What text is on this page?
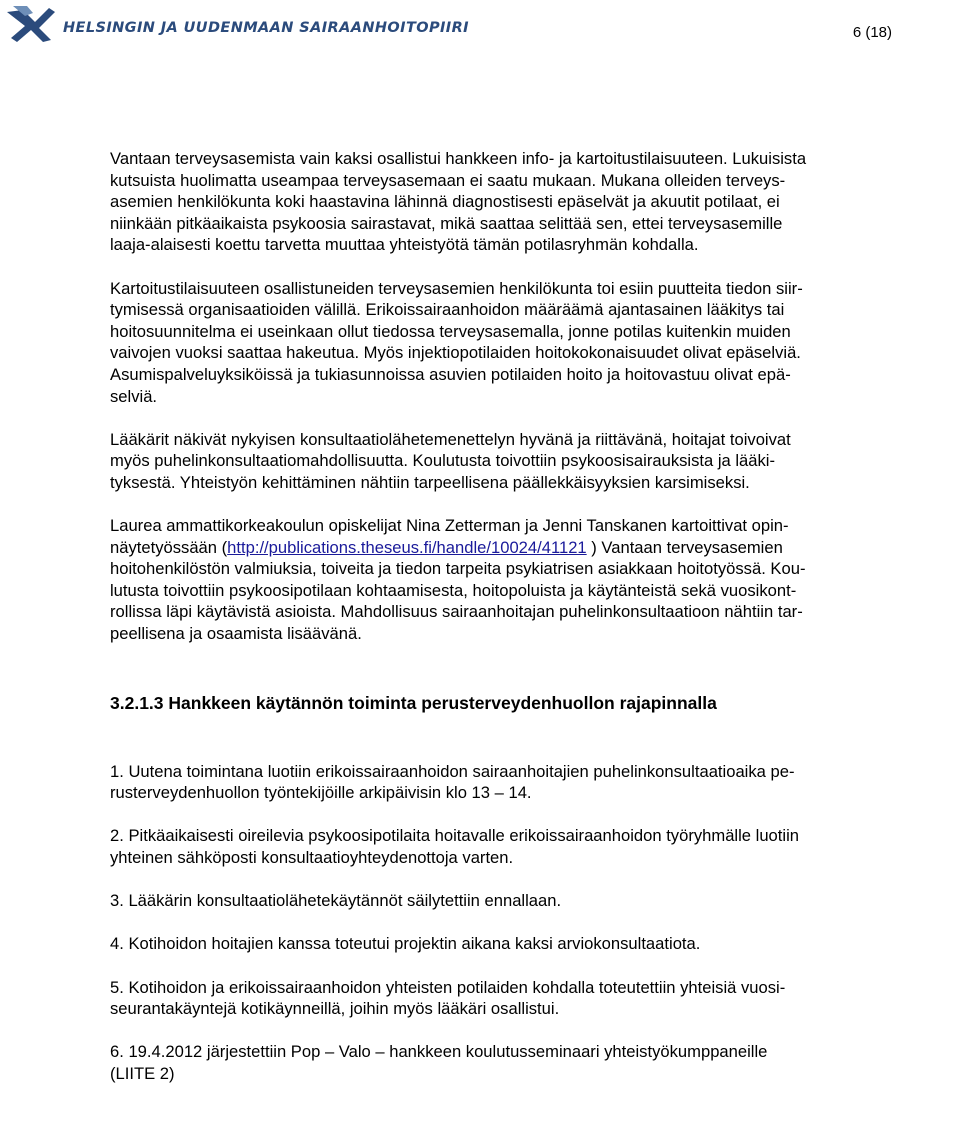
HELSINGIN JA UUDENMAAN SAIRAANHOITOPIIRI	6 (18)

Vantaan terveysasemista vain kaksi osallistui hankkeen info- ja kartoitustilaisuuteen. Lukuisista
kutsuista huolimatta useampaa terveysasemaan ei saatu mukaan. Mukana olleiden terveys-
asemien henkilökunta koki haastavina lähinnä diagnostisesti epäselvät ja akuutit potilaat, ei
niinkään pitkäaikaista psykoosia sairastavat, mikä saattaa selittää sen, ettei terveysasemille
laaja-alaisesti koettu tarvetta muuttaa yhteistyötä tämän potilasryhmän kohdalla.

Kartoitustilaisuuteen osallistuneiden terveysasemien henkilökunta toi esiin puutteita tiedon siir-
tymisessä organisaatioiden välillä. Erikoissairaanhoidon määräämä ajantasainen lääkitys tai
hoitosuunnitelma ei useinkaan ollut tiedossa terveysasemalla, jonne potilas kuitenkin muiden
vaivojen vuoksi saattaa hakeutua. Myös injektiopotilaiden hoitokokonaisuudet olivat epäselviä.
Asumispalveluyksiköissä ja tukiasunnoissa asuvien potilaiden hoito ja hoitovastuu olivat epä-
selviä.

Lääkärit näkivät nykyisen konsultaatiolähetemenettelyn hyvänä ja riittävänä, hoitajat toivoivat
myös puhelinkonsultaatiomahdollisuutta. Koulutusta toivottiin psykoosisairauksista ja lääki-
tyksestä. Yhteistyön kehittäminen nähtiin tarpeellisena päällekkäisyyksien karsimiseksi.

Laurea ammattikorkeakoulun opiskelijat Nina Zetterman ja Jenni Tanskanen kartoittivat opin-
näytetyössään (http://publications.theseus.fi/handle/10024/41121 ) Vantaan terveysasemien
hoitohenkilöstön valmiuksia, toiveita ja tiedon tarpeita psykiatrisen asiakkaan hoitotyössä. Kou-
lutusta toivottiin psykoosipotilaan kohtaamisesta, hoitopoluista ja käytänteistä sekä vuosikont-
rollissa läpi käytävistä asioista. Mahdollisuus sairaanhoitajan puhelinkonsultaatioon nähtiin tar-
peellisena ja osaamista lisäävänä.

3.2.1.3 Hankkeen käytännön toiminta perusterveydenhuollon rajapinnalla
1. Uutena toimintana luotiin erikoissairaanhoidon sairaanhoitajien puhelinkonsultaatioaika pe-
rusterveydenhuollon työntekijöille arkipäivisin klo 13 – 14.
2. Pitkäaikaisesti oireilevia psykoosipotilaita hoitavalle erikoissairaanhoidon työryhmälle luotiin
yhteinen sähköposti konsultaatioyhteydenottoja varten.
3. Lääkärin konsultaatiolähetekäytännöt säilytettiin ennallaan.
4. Kotihoidon hoitajien kanssa toteutui projektin aikana kaksi arviokonsultaatiota.
5. Kotihoidon ja erikoissairaanhoidon yhteisten potilaiden kohdalla toteutettiin yhteisiä vuosi-
seurantakäyntejä kotikäynneillä, joihin myös lääkäri osallistui.
6. 19.4.2012 järjestettiin Pop – Valo – hankkeen koulutusseminaari yhteistyökumppaneille
(LIITE 2)
